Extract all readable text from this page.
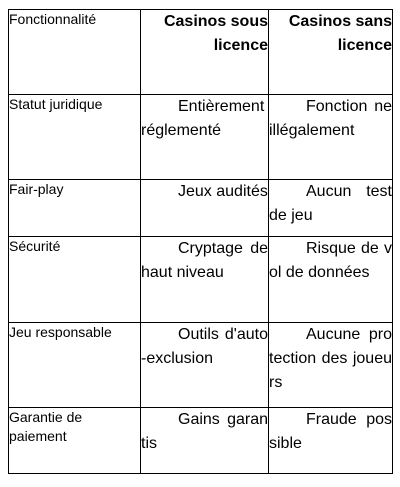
Fonctionnalité	Casinos sous licence	Casinos sans licence
Statut juridique	Entièrement réglementé	Fonction ne illégalement
Fair-play	Jeux audités	Aucun test de jeu
Sécurité	Cryptage de haut niveau	Risque de vol de données
Jeu responsable	Outils d'auto-exclusion	Aucune protection des joueurs
Garantie de paiement	Gains garantis	Fraude possible
